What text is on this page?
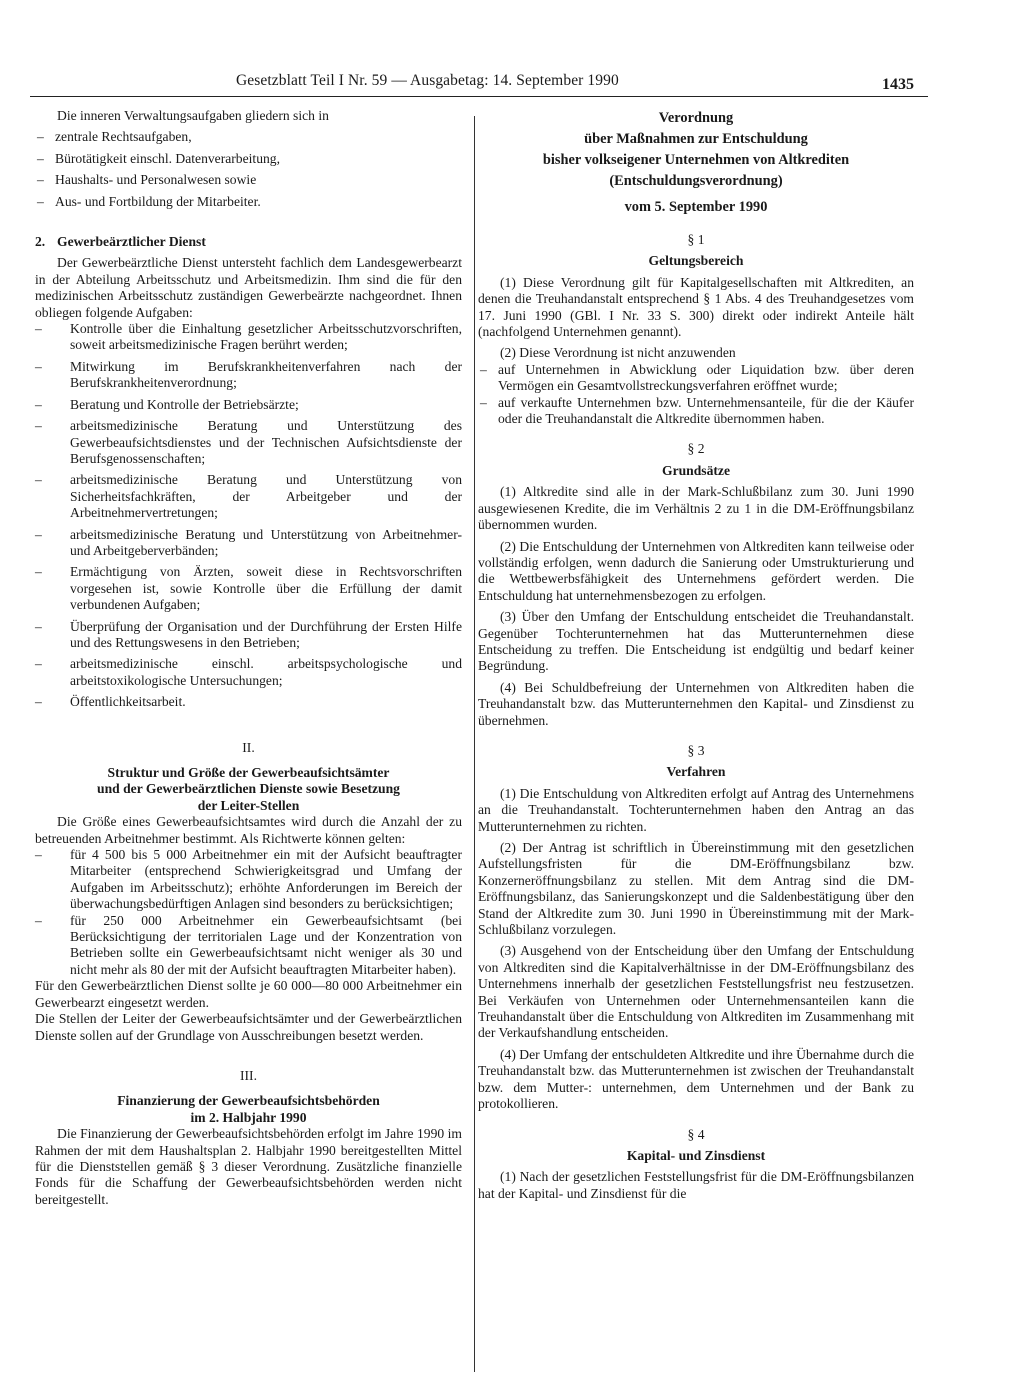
Gesetzblatt Teil I Nr. 59 — Ausgabetag: 14. September 1990	1435

Die inneren Verwaltungsaufgaben gliedern sich in

– zentrale Rechtsaufgaben,

– Bürotätigkeit einschl. Datenverarbeitung,

– Haushalts- und Personalwesen sowie

– Aus- und Fortbildung der Mitarbeiter.

2. Gewerbeärztlicher Dienst

Der Gewerbeärztliche Dienst untersteht fachlich dem Landesgewerbearzt in der Abteilung Arbeitsschutz und Arbeitsmedizin. Ihm sind die für den medizinischen Arbeitsschutz zuständigen Gewerbeärzte nachgeordnet. Ihnen obliegen folgende Aufgaben:

– Kontrolle über die Einhaltung gesetzlicher Arbeitsschutzvorschriften, soweit arbeitsmedizinische Fragen berührt werden;

– Mitwirkung im Berufskrankheitenverfahren nach der Berufskrankheitenverordnung;

– Beratung und Kontrolle der Betriebsärzte;

– arbeitsmedizinische Beratung und Unterstützung des Gewerbeaufsichtsdienstes und der Technischen Aufsichtsdienste der Berufsgenossenschaften;

– arbeitsmedizinische Beratung und Unterstützung von Sicherheitsfachkräften, der Arbeitgeber und der Arbeitnehmervertretungen;

– arbeitsmedizinische Beratung und Unterstützung von Arbeitnehmer- und Arbeitgeberverbänden;

– Ermächtigung von Ärzten, soweit diese in Rechtsvorschriften vorgesehen ist, sowie Kontrolle über die Erfüllung der damit verbundenen Aufgaben;

– Überprüfung der Organisation und der Durchführung der Ersten Hilfe und des Rettungswesens in den Betrieben;

– arbeitsmedizinische einschl. arbeitspsychologische und arbeitstoxikologische Untersuchungen;

– Öffentlichkeitsarbeit.

II.

Struktur und Größe der Gewerbeaufsichtsämter

und der Gewerbeärztlichen Dienste sowie Besetzung

der Leiter-Stellen

Die Größe eines Gewerbeaufsichtsamtes wird durch die Anzahl der zu betreuenden Arbeitnehmer bestimmt. Als Richtwerte können gelten:

– für 4 500 bis 5 000 Arbeitnehmer ein mit der Aufsicht beauftragter Mitarbeiter (entsprechend Schwierigkeitsgrad und Umfang der Aufgaben im Arbeitsschutz); erhöhte Anforderungen im Bereich der überwachungsbedürftigen Anlagen sind besonders zu berücksichtigen;

– für 250 000 Arbeitnehmer ein Gewerbeaufsichtsamt (bei Berücksichtigung der territorialen Lage und der Konzentration von Betrieben sollte ein Gewerbeaufsichtsamt nicht weniger als 30 und nicht mehr als 80 der mit der Aufsicht beauftragten Mitarbeiter haben).

Für den Gewerbeärztlichen Dienst sollte je 60 000—80 000 Arbeitnehmer ein Gewerbearzt eingesetzt werden.

Die Stellen der Leiter der Gewerbeaufsichtsämter und der Gewerbeärztlichen Dienste sollen auf der Grundlage von Ausschreibungen besetzt werden.

III.

Finanzierung der Gewerbeaufsichtsbehörden

im 2. Halbjahr 1990

Die Finanzierung der Gewerbeaufsichtsbehörden erfolgt im Jahre 1990 im Rahmen der mit dem Haushaltsplan 2. Halbjahr 1990 bereitgestellten Mittel für die Dienststellen gemäß § 3 dieser Verordnung. Zusätzliche finanzielle Fonds für die Schaffung der Gewerbeaufsichtsbehörden werden nicht bereitgestellt.

Verordnung

über Maßnahmen zur Entschuldung

bisher volkseigener Unternehmen von Altkrediten

(Entschuldungsverordnung)

vom 5. September 1990

§ 1

Geltungsbereich

(1) Diese Verordnung gilt für Kapitalgesellschaften mit Altkrediten, an denen die Treuhandanstalt entsprechend § 1 Abs. 4 des Treuhandgesetzes vom 17. Juni 1990 (GBl. I Nr. 33 S. 300) direkt oder indirekt Anteile hält (nachfolgend Unternehmen genannt).

(2) Diese Verordnung ist nicht anzuwenden

– auf Unternehmen in Abwicklung oder Liquidation bzw. über deren Vermögen ein Gesamtvollstreckungsverfahren eröffnet wurde;

– auf verkaufte Unternehmen bzw. Unternehmensanteile, für die der Käufer oder die Treuhandanstalt die Altkredite übernommen haben.

§ 2

Grundsätze

(1) Altkredite sind alle in der Mark-Schlußbilanz zum 30. Juni 1990 ausgewiesenen Kredite, die im Verhältnis 2 zu 1 in die DM-Eröffnungsbilanz übernommen wurden.

(2) Die Entschuldung der Unternehmen von Altkrediten kann teilweise oder vollständig erfolgen, wenn dadurch die Sanierung oder Umstrukturierung und die Wettbewerbsfähigkeit des Unternehmens gefördert werden. Die Entschuldung hat unternehmensbezogen zu erfolgen.

(3) Über den Umfang der Entschuldung entscheidet die Treuhandanstalt. Gegenüber Tochterunternehmen hat das Mutterunternehmen diese Entscheidung zu treffen. Die Entscheidung ist endgültig und bedarf keiner Begründung.

(4) Bei Schuldbefreiung der Unternehmen von Altkrediten haben die Treuhandanstalt bzw. das Mutterunternehmen den Kapital- und Zinsdienst zu übernehmen.

§ 3

Verfahren

(1) Die Entschuldung von Altkrediten erfolgt auf Antrag des Unternehmens an die Treuhandanstalt. Tochterunternehmen haben den Antrag an das Mutterunternehmen zu richten.

(2) Der Antrag ist schriftlich in Übereinstimmung mit den gesetzlichen Aufstellungsfristen für die DM-Eröffnungsbilanz bzw. Konzerneröffnungsbilanz zu stellen. Mit dem Antrag sind die DM-Eröffnungsbilanz, das Sanierungskonzept und die Saldenbestätigung über den Stand der Altkredite zum 30. Juni 1990 in Übereinstimmung mit der Mark-Schlußbilanz vorzulegen.

(3) Ausgehend von der Entscheidung über den Umfang der Entschuldung von Altkrediten sind die Kapitalverhältnisse in der DM-Eröffnungsbilanz des Unternehmens innerhalb der gesetzlichen Feststellungsfrist neu festzusetzen. Bei Verkäufen von Unternehmen oder Unternehmensanteilen kann die Treuhandanstalt über die Entschuldung von Altkrediten im Zusammenhang mit der Verkaufshandlung entscheiden.

(4) Der Umfang der entschuldeten Altkredite und ihre Übernahme durch die Treuhandanstalt bzw. das Mutterunternehmen ist zwischen der Treuhandanstalt bzw. dem Mutter-: unternehmen, dem Unternehmen und der Bank zu protokollieren.

§ 4

Kapital- und Zinsdienst

(1) Nach der gesetzlichen Feststellungsfrist für die DM-Eröffnungsbilanzen hat der Kapital- und Zinsdienst für die
